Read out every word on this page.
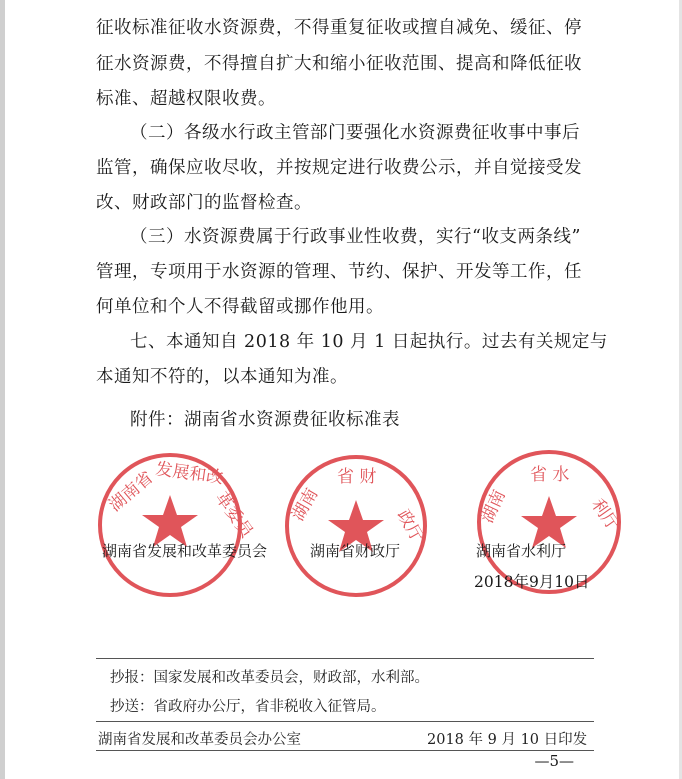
征收标准征收水资源费，不得重复征收或擅自减免、缓征、停
征水资源费，不得擅自扩大和缩小征收范围、提高和降低征收
标准、超越权限收费。
（二）各级水行政主管部门要强化水资源费征收事中事后
监管，确保应收尽收，并按规定进行收费公示，并自觉接受发
改、财政部门的监督检查。
（三）水资源费属于行政事业性收费，实行“收支两条线”
管理，专项用于水资源的管理、节约、保护、开发等工作，任
何单位和个人不得截留或挪作他用。
七、本通知自 2018 年 10 月 1 日起执行。过去有关规定与
本通知不符的，以本通知为准。
附件：湖南省水资源费征收标准表
湖南省
发展和改
革委员
湖南省发展和改革委员会
湖南
省 财
政厅
湖南省财政厅
湖南
省 水
利厅
湖南省水利厅
2018年9月10日
抄报：国家发展和改革委员会，财政部，水利部。
抄送：省政府办公厅，省非税收入征管局。
湖南省发展和改革委员会办公室	2018 年 9 月 10 日印发
—5—
